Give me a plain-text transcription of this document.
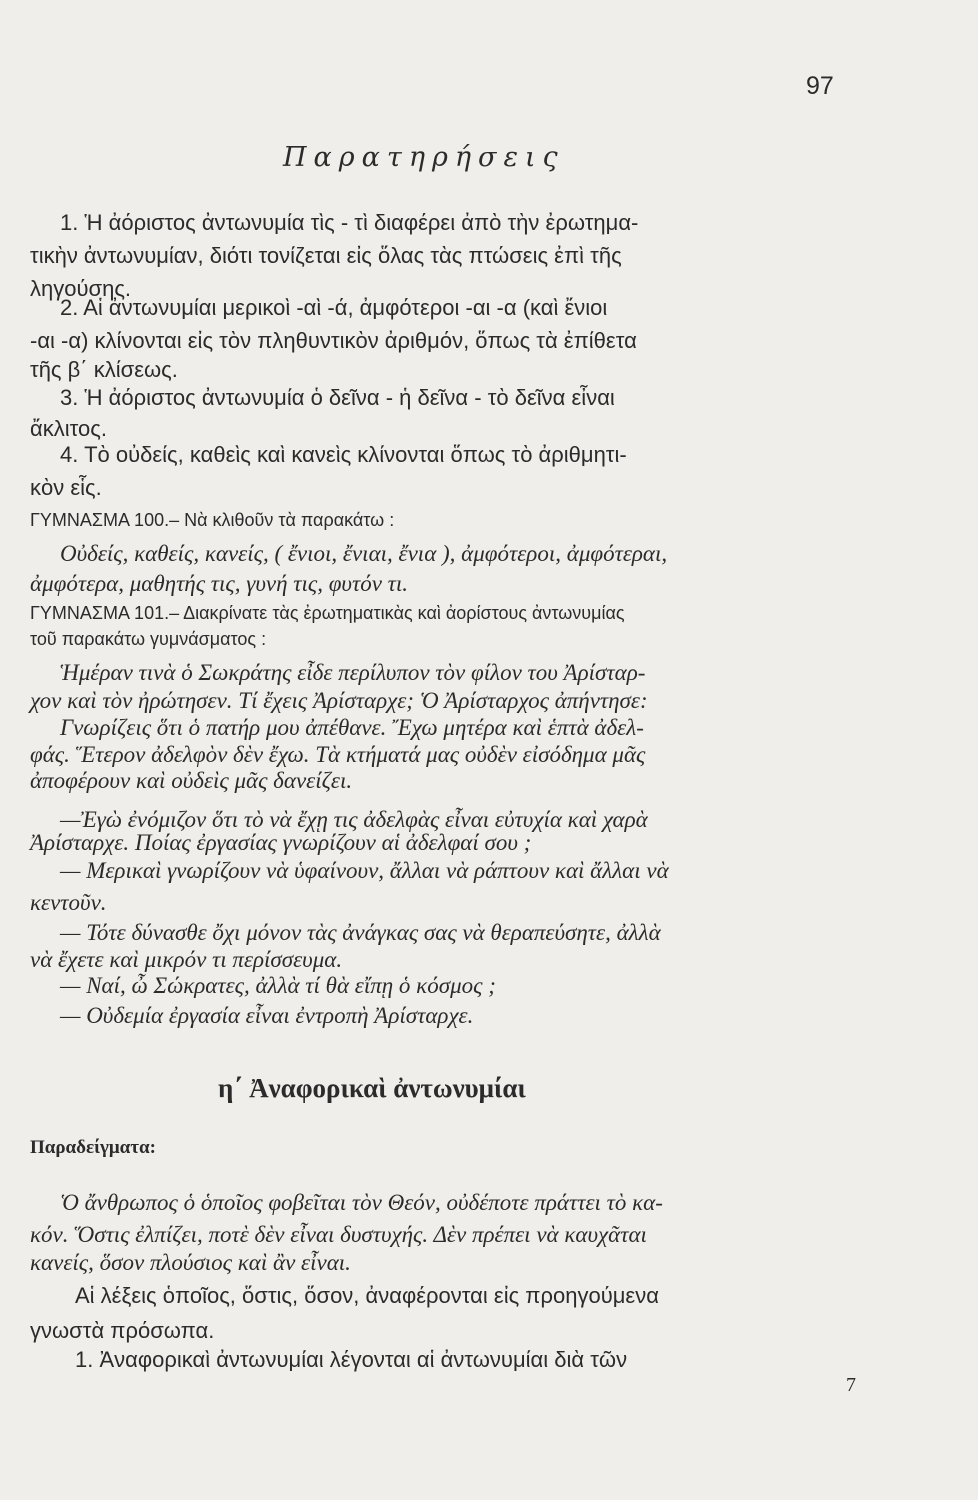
97
Παρατηρήσεις
1. Ἡ ἀόριστος ἀντωνυμία τὶς - τὶ διαφέρει ἀπὸ τὴν ἐρωτημα-
τικὴν ἀντωνυμίαν, διότι τονίζεται εἰς ὅλας τὰς πτώσεις ἐπὶ τῆς
ληγούσης.
2. Αἱ ἀντωνυμίαι μερικοὶ -αὶ -ά, ἀμφότεροι -αι -α (καὶ ἔνιοι
-αι -α) κλίνονται εἰς τὸν πληθυντικὸν ἀριθμόν, ὅπως τὰ ἐπίθετα
τῆς β΄ κλίσεως.
3. Ἡ ἀόριστος ἀντωνυμία ὁ δεῖνα - ἡ δεῖνα - τὸ δεῖνα εἶναι
ἄκλιτος.
4. Τὸ οὐδείς, καθεὶς καὶ κανεὶς κλίνονται ὅπως τὸ ἀριθμητι-
κὸν εἷς.
ΓΥΜΝΑΣΜΑ 100.– Νὰ κλιθοῦν τὰ παρακάτω :
Οὐδείς, καθείς, κανείς, ( ἔνιοι, ἔνιαι, ἔνια ), ἀμφότεροι, ἀμφότεραι,
ἀμφότερα, μαθητής τις, γυνή τις, φυτόν τι.
ΓΥΜΝΑΣΜΑ 101.– Διακρίνατε τὰς ἐρωτηματικὰς καὶ ἀορίστους ἀντωνυμίας
τοῦ παρακάτω γυμνάσματος :
Ἡμέραν τινὰ ὁ Σωκράτης εἶδε περίλυπον τὸν φίλον του Ἀρίσταρ-
χον καὶ τὸν ἠρώτησεν. Τί ἔχεις Ἀρίσταρχε; Ὁ Ἀρίσταρχος ἀπήντησε:
Γνωρίζεις ὅτι ὁ πατήρ μου ἀπέθανε. Ἔχω μητέρα καὶ ἑπτὰ ἀδελ-
φάς. Ἕτερον ἀδελφὸν δὲν ἔχω. Τὰ κτήματά μας οὐδὲν εἰσόδημα μᾶς
ἀποφέρουν καὶ οὐδεὶς μᾶς δανείζει.
—Ἐγὼ ἐνόμιζον ὅτι τὸ νὰ ἔχῃ τις ἀδελφὰς εἶναι εὐτυχία καὶ χαρὰ
Ἀρίσταρχε. Ποίας ἐργασίας γνωρίζουν αἱ ἀδελφαί σου ;
— Μερικαὶ γνωρίζουν νὰ ὑφαίνουν, ἄλλαι νὰ ράπτουν καὶ ἄλλαι νὰ
κεντοῦν.
— Τότε δύνασθε ὄχι μόνον τὰς ἀνάγκας σας νὰ θεραπεύσητε, ἀλλὰ
νὰ ἔχετε καὶ μικρόν τι περίσσευμα.
— Ναί, ὦ Σώκρατες, ἀλλὰ τί θὰ εἴπῃ ὁ κόσμος ;
— Οὐδεμία ἐργασία εἶναι ἐντροπὴ Ἀρίσταρχε.
η΄ Ἀναφορικαὶ ἀντωνυμίαι
Παραδείγματα:
Ὁ ἄνθρωπος ὁ ὁποῖος φοβεῖται τὸν Θεόν, οὐδέποτε πράττει τὸ κα-
κόν. Ὅστις ἐλπίζει, ποτὲ δὲν εἶναι δυστυχής. Δὲν πρέπει νὰ καυχᾶται
κανείς, ὅσον πλούσιος καὶ ἂν εἶναι.
Αἱ λέξεις ὁποῖος, ὅστις, ὅσον, ἀναφέρονται εἰς προηγούμενα
γνωστὰ πρόσωπα.
1. Ἀναφορικαὶ ἀντωνυμίαι λέγονται αἱ ἀντωνυμίαι διὰ τῶν
7
